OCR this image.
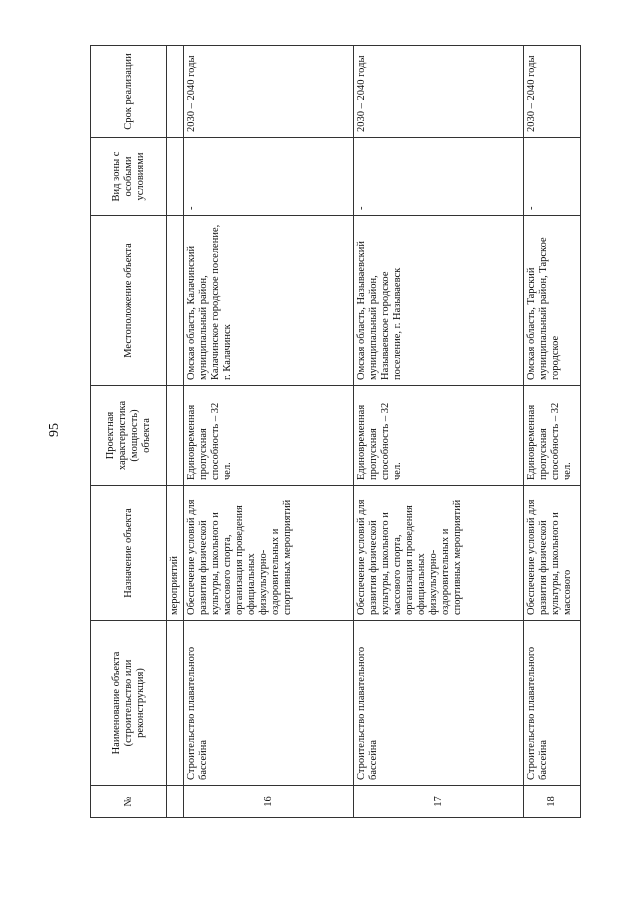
95
№	Наименование объекта (строительство или реконструкция)	Назначение объекта	Проектная характеристика (мощность) объекта	Местоположение объекта	Вид зоны с особыми условиями	Срок реализации
		мероприятий				
16	Строительство плавательного бассейна	Обеспечение условий для развития физической культуры, школьного и массового спорта, организация проведения официальных физкультурно-оздоровительных и спортивных мероприятий	Единовременная пропускная способность – 32 чел.	Омская область, Калачинский муниципальный район, Калачинское городское поселение, г. Калачинск	-	2030 – 2040 годы
17	Строительство плавательного бассейна	Обеспечение условий для развития физической культуры, школьного и массового спорта, организация проведения официальных физкультурно-оздоровительных и спортивных мероприятий	Единовременная пропускная способность – 32 чел.	Омская область, Называевский муниципальный район, Называевское городское поселение, г. Называевск	-	2030 – 2040 годы
18	Строительство плавательного бассейна	Обеспечение условий для развития физической культуры, школьного и массового	Единовременная пропускная способность – 32 чел.	Омская область, Тарский муниципальный район, Тарское городское	-	2030 – 2040 годы
